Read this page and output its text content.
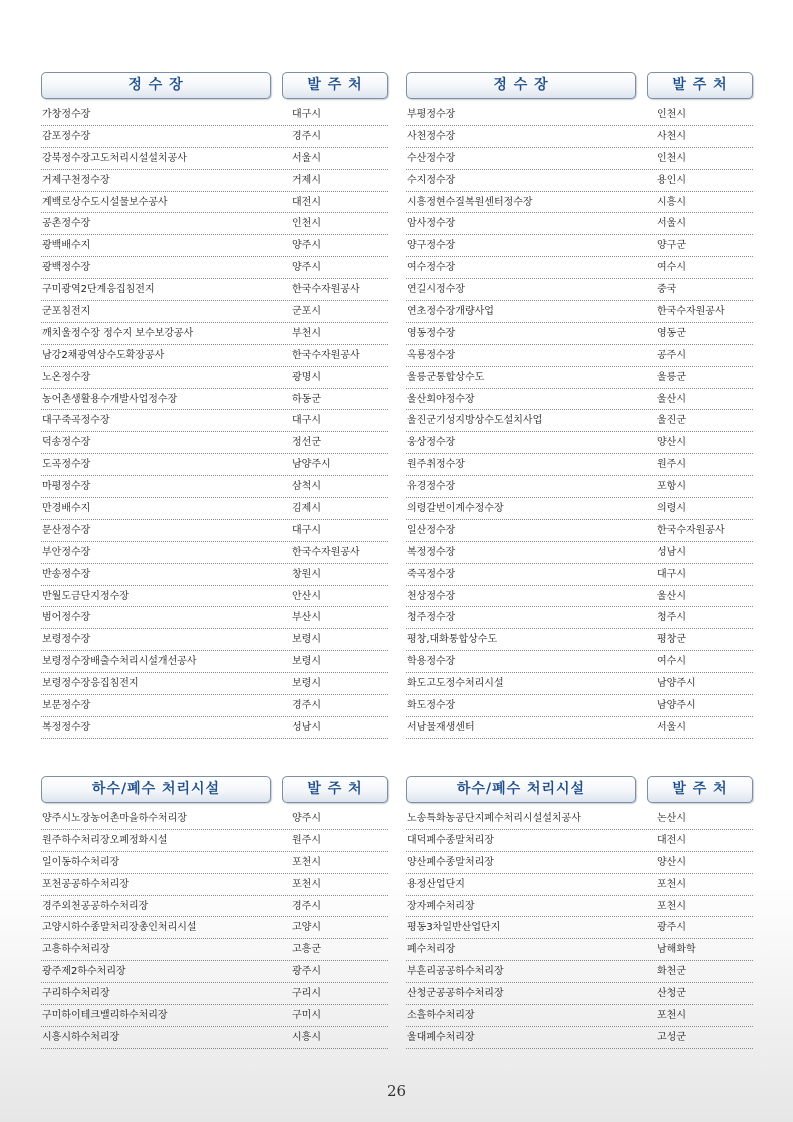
정 수 장	발 주 처
가창정수장	대구시
감포정수장	경주시
강북정수장고도처리시설설치공사	서울시
거제구천정수장	거제시
계백로상수도시설물보수공사	대전시
공촌정수장	인천시
광백배수지	양주시
광백정수장	양주시
구미광역2단계응집침전지	한국수자원공사
군포침전지	군포시
깨치울정수장 정수지 보수보강공사	부천시
남강2채광역상수도확장공사	한국수자원공사
노온정수장	광명시
농어촌생활용수개발사업정수장	하동군
대구죽곡정수장	대구시
덕송정수장	정선군
도곡정수장	남양주시
마평정수장	삼척시
만경배수지	김제시
문산정수장	대구시
부안정수장	한국수자원공사
반송정수장	창원시
반월도금단지정수장	안산시
범어정수장	부산시
보령정수장	보령시
보령정수장배출수처리시설개선공사	보령시
보령정수장응집침전지	보령시
보문정수장	경주시
복정정수장	성남시
정 수 장	발 주 처
부평정수장	인천시
사천정수장	사천시
수산정수장	인천시
수지정수장	용인시
시흥정현수질복원센터정수장	시흥시
암사정수장	서울시
양구정수장	양구군
여수정수장	여수시
연길시정수장	중국
연초정수장개량사업	한국수자원공사
영동정수장	영동군
옥룡정수장	공주시
울릉군통합상수도	울릉군
울산회야정수장	울산시
울진군기성지방상수도설치사업	울진군
웅상정수장	양산시
원주취정수장	원주시
유경정수장	포항시
의령갈번이계수정수장	의령시
일산정수장	한국수자원공사
복정정수장	성남시
죽곡정수장	대구시
천상정수장	울산시
청주정수장	청주시
평창,대화통합상수도	평창군
학용정수장	여수시
화도고도정수처리시설	남양주시
화도정수장	남양주시
서남물재생센터	서울시
하수/폐수 처리시설	발 주 처
양주시노장농어촌마을하수처리장	양주시
원주하수처리장오폐정화시설	원주시
일이동하수처리장	포천시
포천공공하수처리장	포천시
경주외천공공하수처리장	경주시
고양시하수종말처리장총인처리시설	고양시
고흥하수처리장	고흥군
광주제2하수처리장	광주시
구리하수처리장	구리시
구미하이테크밸리하수처리장	구미시
시흥시하수처리장	시흥시
하수/폐수 처리시설	발 주 처
노송특화농공단지폐수처리시설설치공사	논산시
대덕폐수종말처리장	대전시
양산폐수종말처리장	양산시
용정산업단지	포천시
장자폐수처리장	포천시
평동3차일반산업단지	광주시
폐수처리장	남해화학
부흔리공공하수처리장	화천군
산청군공공하수처리장	산청군
소흘하수처리장	포천시
울대폐수처리장	고성군
26
